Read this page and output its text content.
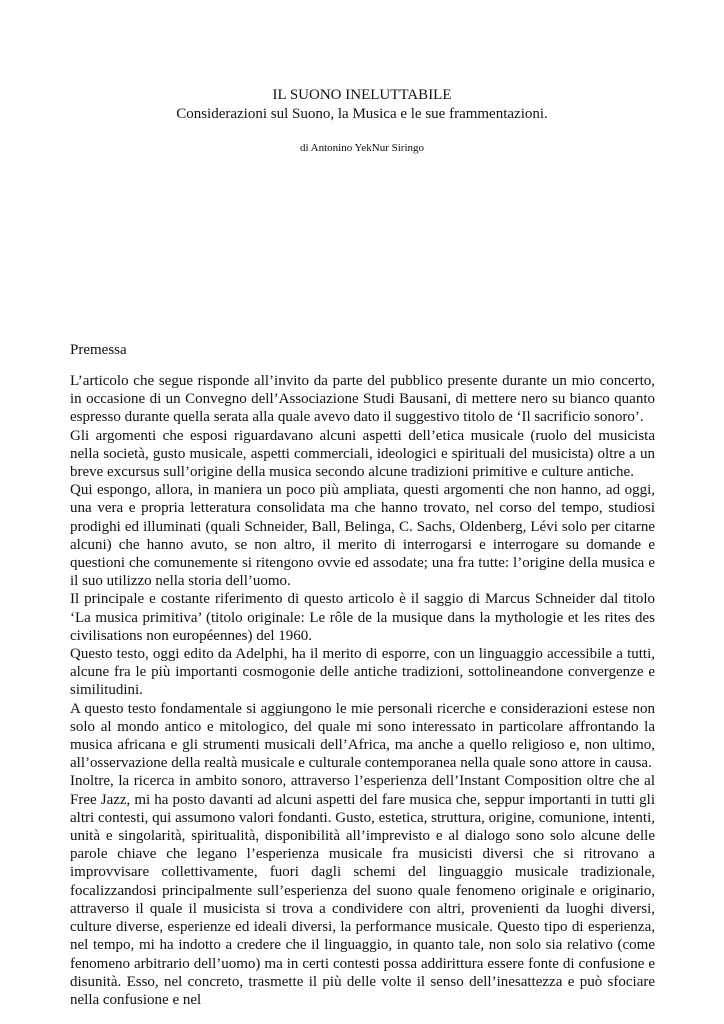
IL SUONO INELUTTABILE
Considerazioni sul Suono, la Musica e le sue frammentazioni.
di Antonino YekNur Siringo
Premessa

L’articolo che segue risponde all’invito da parte del pubblico presente durante un mio concerto, in occasione di un Convegno dell’Associazione Studi Bausani, di mettere nero su bianco quanto espresso durante quella serata alla quale avevo dato il suggestivo titolo de ‘Il sacrificio sonoro’.

Gli argomenti che esposi riguardavano alcuni aspetti dell’etica musicale (ruolo del musicista nella società, gusto musicale, aspetti commerciali, ideologici e spirituali del musicista) oltre a un breve excursus sull’origine della musica secondo alcune tradizioni primitive e culture antiche.

Qui espongo, allora, in maniera un poco più ampliata, questi argomenti che non hanno, ad oggi, una vera e propria letteratura consolidata ma che hanno trovato, nel corso del tempo, studiosi prodighi ed illuminati (quali Schneider, Ball, Belinga, C. Sachs, Oldenberg, Lévi solo per citarne alcuni) che hanno avuto, se non altro, il merito di interrogarsi e interrogare su domande e questioni che comunemente si ritengono ovvie ed assodate; una fra tutte: l’origine della musica e il suo utilizzo nella storia dell’uomo.

Il principale e costante riferimento di questo articolo è il saggio di Marcus Schneider dal titolo ‘La musica primitiva’ (titolo originale: Le rôle de la musique dans la mythologie et les rites des civilisations non européennes) del 1960.

Questo testo, oggi edito da Adelphi, ha il merito di esporre, con un linguaggio accessibile a tutti, alcune fra le più importanti cosmogonie delle antiche tradizioni, sottolineandone convergenze e similitudini.

A questo testo fondamentale si aggiungono le mie personali ricerche e considerazioni estese non solo al mondo antico e mitologico, del quale mi sono interessato in particolare affrontando la musica africana e gli strumenti musicali dell’Africa, ma anche a quello religioso e, non ultimo, all’osservazione della realtà musicale e culturale contemporanea nella quale sono attore in causa.

Inoltre, la ricerca in ambito sonoro, attraverso l’esperienza dell’Instant Composition oltre che al Free Jazz, mi ha posto davanti ad alcuni aspetti del fare musica che, seppur importanti in tutti gli altri contesti, qui assumono valori fondanti. Gusto, estetica, struttura, origine, comunione, intenti, unità e singolarità, spiritualità, disponibilità all’imprevisto e al dialogo sono solo alcune delle parole chiave che legano l’esperienza musicale fra musicisti diversi che si ritrovano a improvvisare collettivamente, fuori dagli schemi del linguaggio musicale tradizionale, focalizzandosi principalmente sull’esperienza del suono quale fenomeno originale e originario, attraverso il quale il musicista si trova a condividere con altri, provenienti da luoghi diversi, culture diverse, esperienze ed ideali diversi, la performance musicale. Questo tipo di esperienza, nel tempo, mi ha indotto a credere che il linguaggio, in quanto tale, non solo sia relativo (come fenomeno arbitrario dell’uomo) ma in certi contesti possa addirittura essere fonte di confusione e disunità. Esso, nel concreto, trasmette il più delle volte il senso dell’inesattezza e può sfociare nella confusione e nel
